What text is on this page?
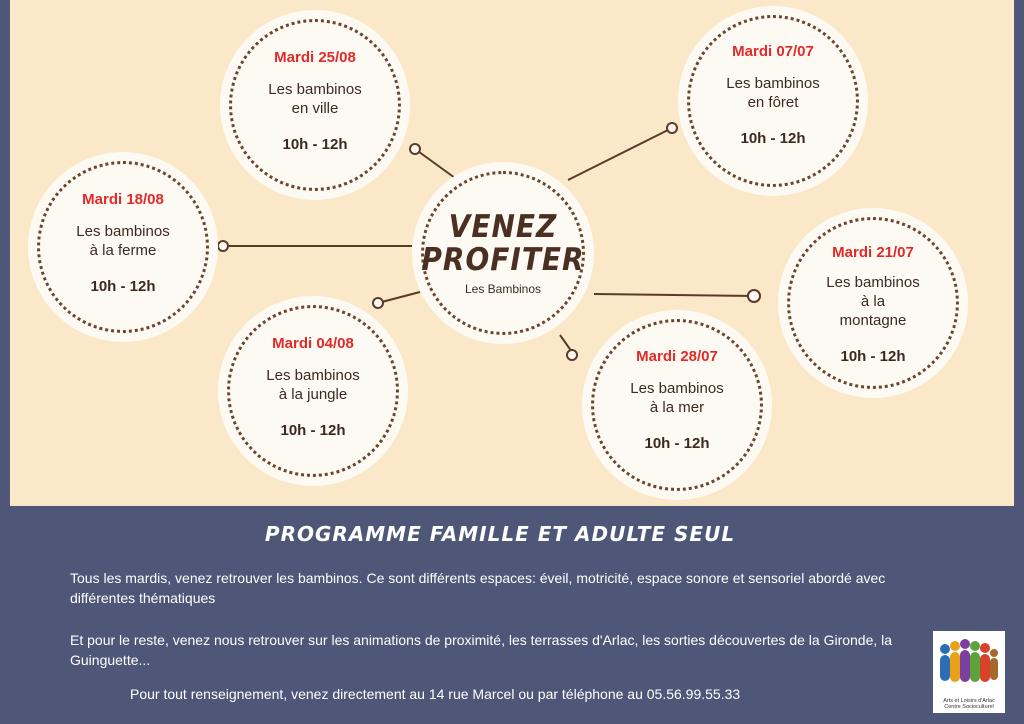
VENEZ
PROFITER
Les Bambinos
Mardi 25/08
Les bambinos
en ville
10h - 12h
Mardi 07/07
Les bambinos
en fôret
10h - 12h
Mardi 18/08
Les bambinos
à la ferme
10h - 12h
Mardi 21/07
Les bambinos
à la
montagne
10h - 12h
Mardi 04/08
Les bambinos
à la jungle
10h - 12h
Mardi 28/07
Les bambinos
à la mer
10h - 12h
PROGRAMME FAMILLE ET ADULTE SEUL
Tous les mardis, venez retrouver les bambinos. Ce sont différents espaces: éveil, motricité, espace sonore et sensoriel abordé avec différentes thématiques
Et pour le reste, venez nous retrouver sur les animations de proximité, les terrasses d'Arlac, les sorties découvertes de la Gironde, la Guinguette...
Pour tout renseignement, venez directement au 14 rue Marcel ou par téléphone au 05.56.99.55.33	Arts et Loisirs d'Arlac
Centre Socioculturel
